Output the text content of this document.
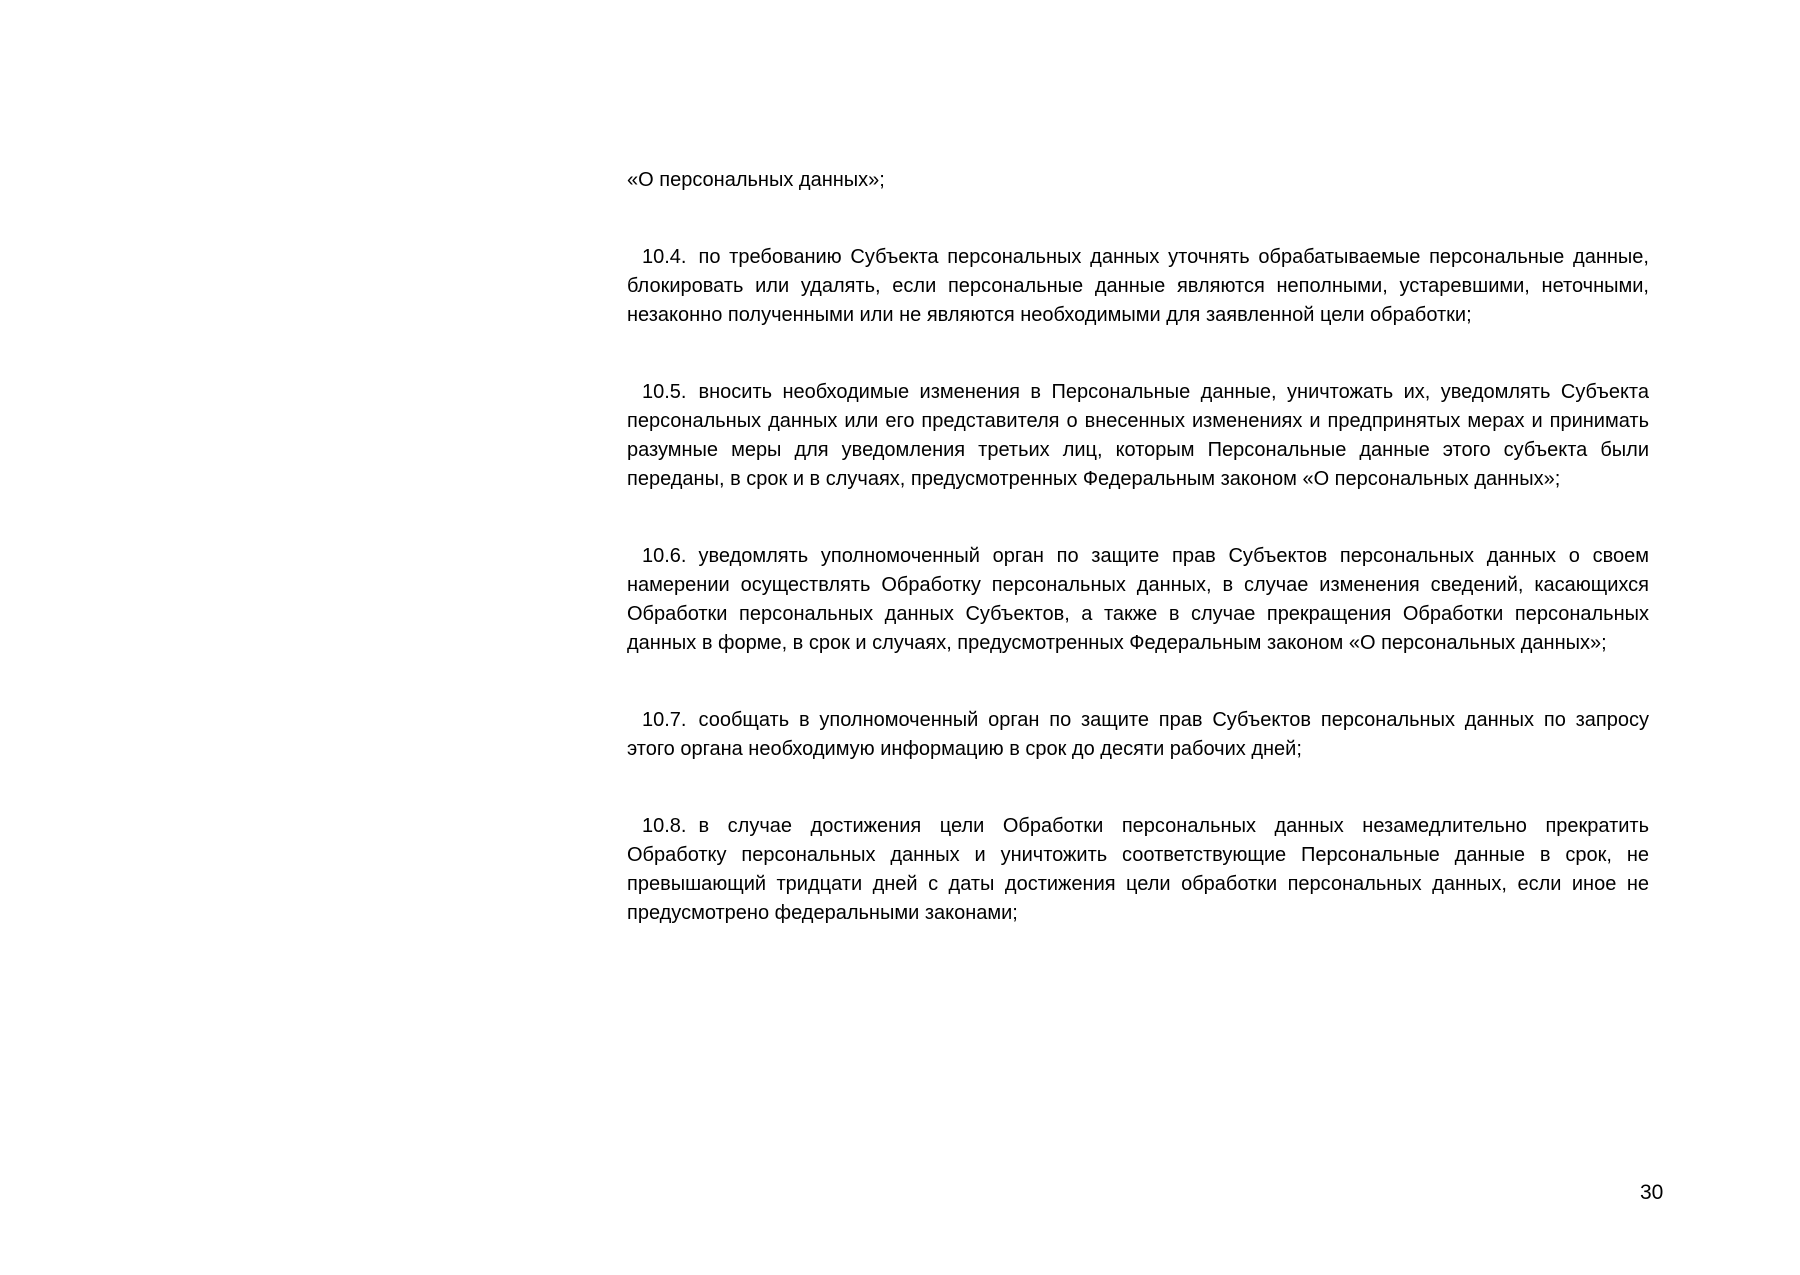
«О персональных данных»;

10.4. по требованию Субъекта персональных данных уточнять обрабатываемые персональные данные, блокировать или удалять, если персональные данные являются неполными, устаревшими, неточными, незаконно полученными или не являются необходимыми для заявленной цели обработки;

10.5. вносить необходимые изменения в Персональные данные, уничтожать их, уведомлять Субъекта персональных данных или его представителя о внесенных изменениях и предпринятых мерах и принимать разумные меры для уведомления третьих лиц, которым Персональные данные этого субъекта были переданы, в срок и в случаях, предусмотренных Федеральным законом «О персональных данных»;

10.6. уведомлять уполномоченный орган по защите прав Субъектов персональных данных о своем намерении осуществлять Обработку персональных данных, в случае изменения сведений, касающихся Обработки персональных данных Субъектов, а также в случае прекращения Обработки персональных данных в форме, в срок и случаях, предусмотренных Федеральным законом «О персональных данных»;

10.7. сообщать в уполномоченный орган по защите прав Субъектов персональных данных по запросу этого органа необходимую информацию в срок до десяти рабочих дней;

10.8. в случае достижения цели Обработки персональных данных незамедлительно прекратить Обработку персональных данных и уничтожить соответствующие Персональные данные в срок, не превышающий тридцати дней с даты достижения цели обработки персональных данных, если иное не предусмотрено федеральными законами;

30
